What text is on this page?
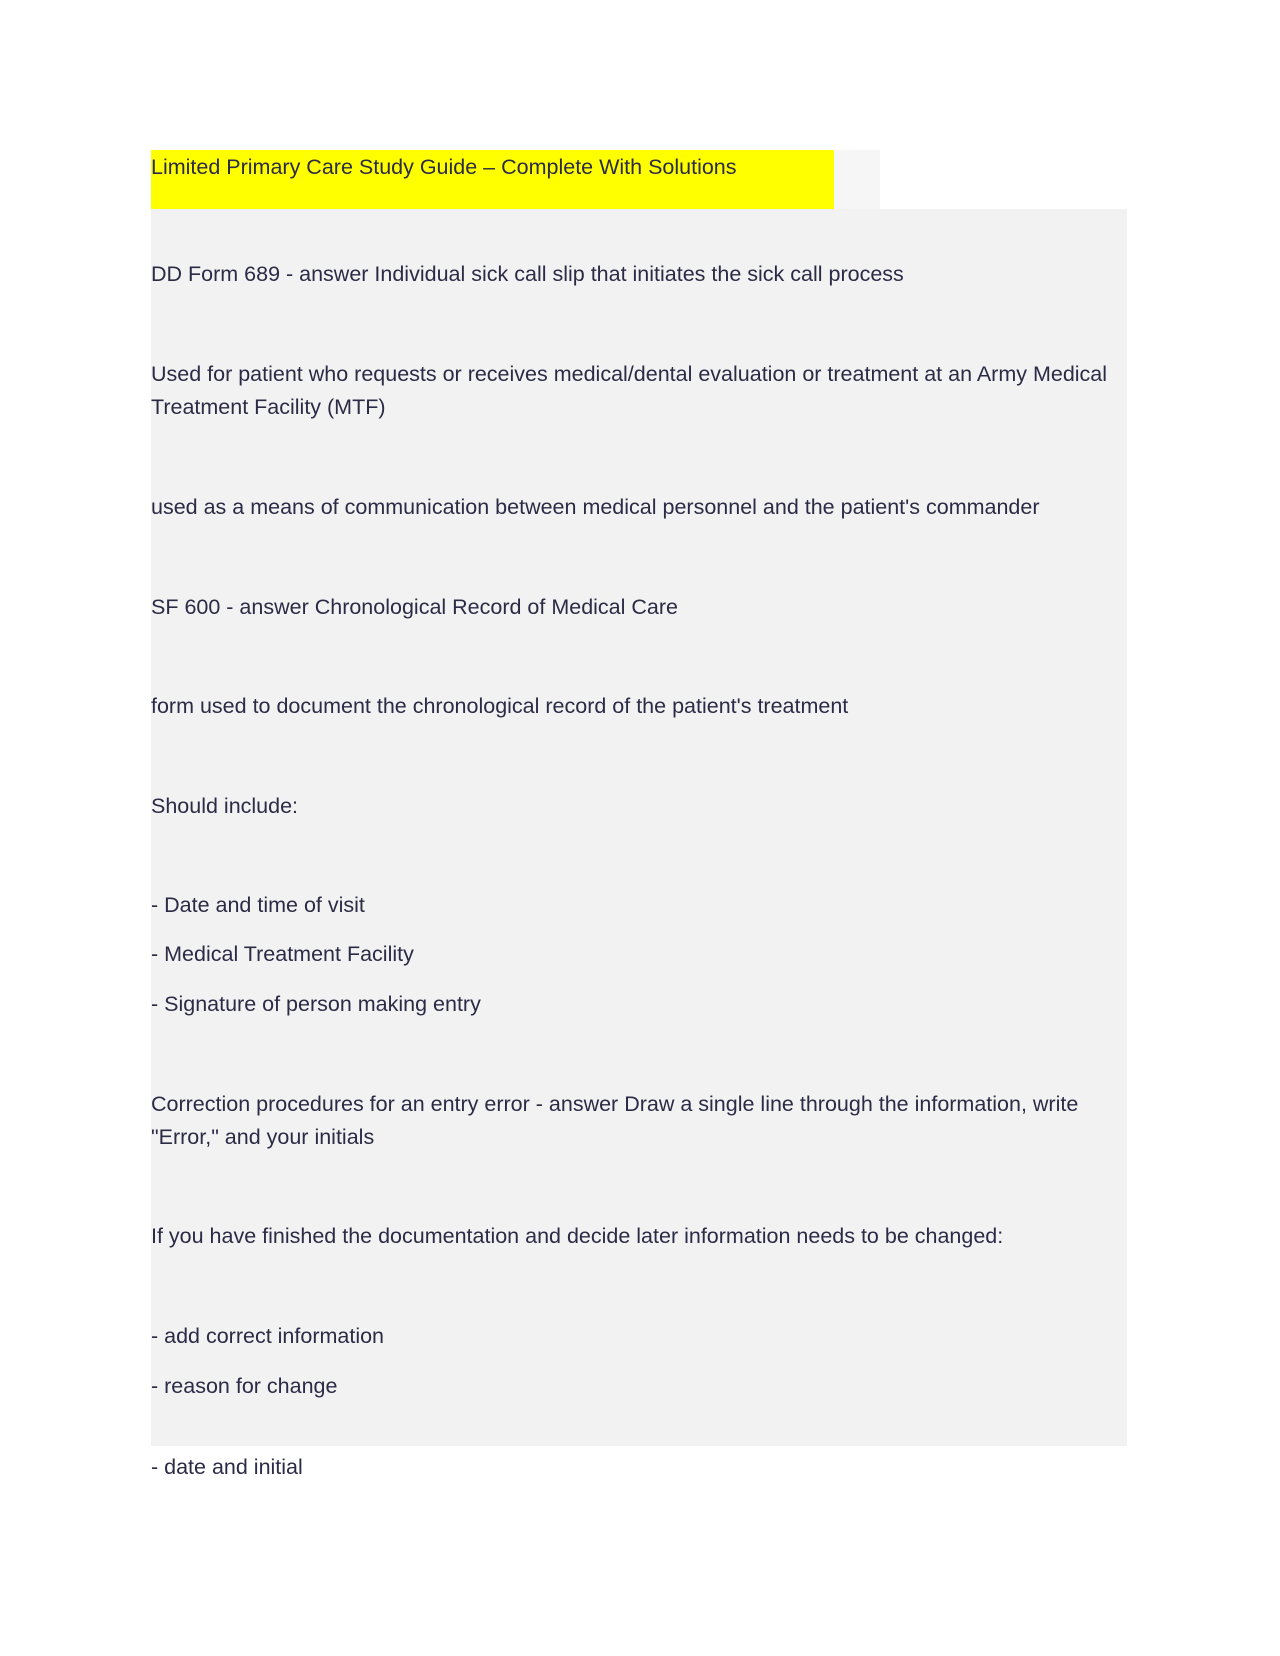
Limited Primary Care Study Guide – Complete With Solutions

DD Form 689 - answer Individual sick call slip that initiates the sick call process

Used for patient who requests or receives medical/dental evaluation or treatment at an Army Medical Treatment Facility (MTF)

used as a means of communication between medical personnel and the patient's commander

SF 600 - answer Chronological Record of Medical Care

form used to document the chronological record of the patient's treatment

Should include:

- Date and time of visit

- Medical Treatment Facility

- Signature of person making entry

Correction procedures for an entry error - answer Draw a single line through the information, write "Error," and your initials

If you have finished the documentation and decide later information needs to be changed:

- add correct information

- reason for change

- date and initial
